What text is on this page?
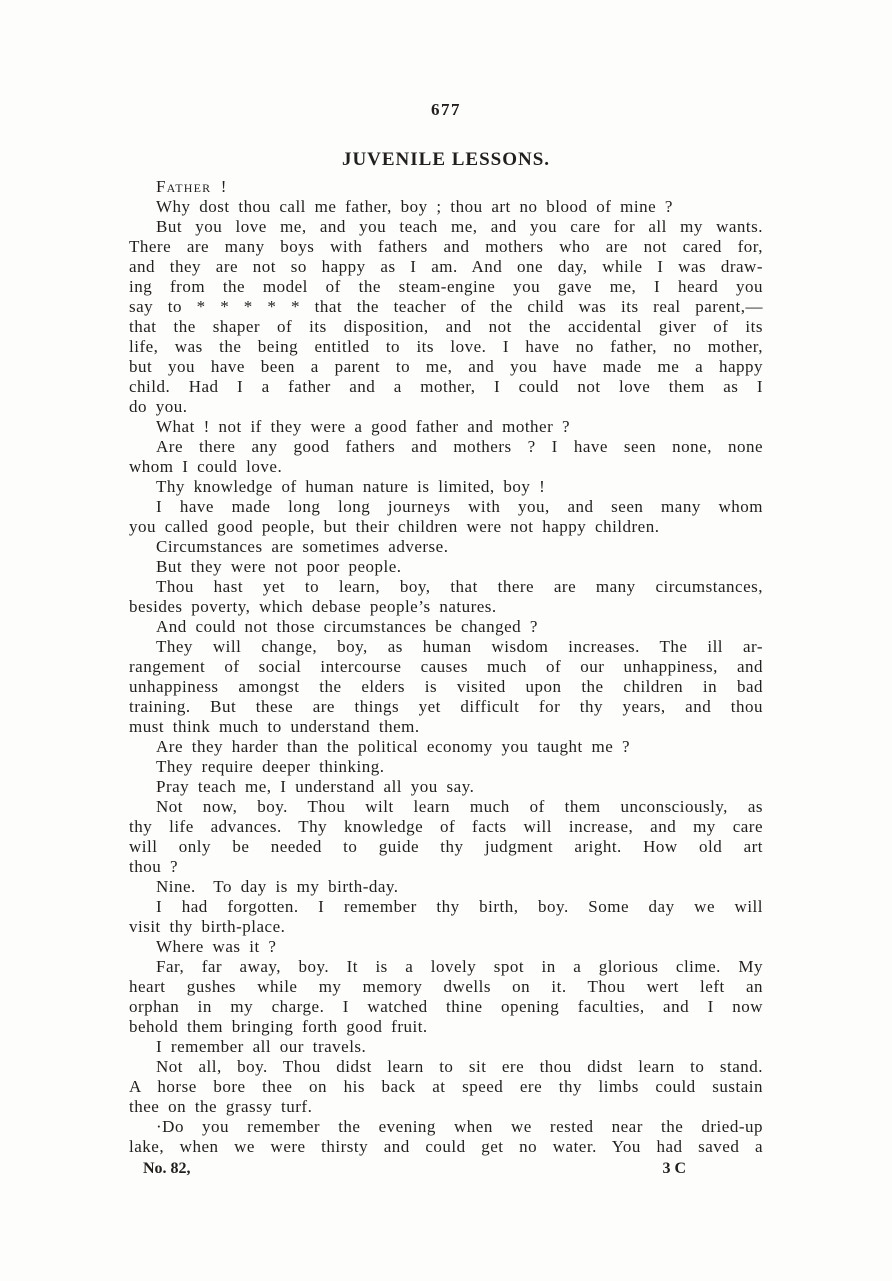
677
JUVENILE LESSONS.
Father !
Why dost thou call me father, boy ; thou art no blood of mine ?
But you love me, and you teach me, and you care for all my wants.
There are many boys with fathers and mothers who are not cared for,
and they are not so happy as I am. And one day, while I was draw-
ing from the model of the steam-engine you gave me, I heard you
say to * * * * * that the teacher of the child was its real parent,—
that the shaper of its disposition, and not the accidental giver of its
life, was the being entitled to its love. I have no father, no mother,
but you have been a parent to me, and you have made me a happy
child. Had I a father and a mother, I could not love them as I
do you.
What ! not if they were a good father and mother ?
Are there any good fathers and mothers ? I have seen none, none
whom I could love.
Thy knowledge of human nature is limited, boy !
I have made long long journeys with you, and seen many whom
you called good people, but their children were not happy children.
Circumstances are sometimes adverse.
But they were not poor people.
Thou hast yet to learn, boy, that there are many circumstances,
besides poverty, which debase people’s natures.
And could not those circumstances be changed ?
They will change, boy, as human wisdom increases. The ill ar-
rangement of social intercourse causes much of our unhappiness, and
unhappiness amongst the elders is visited upon the children in bad
training. But these are things yet difficult for thy years, and thou
must think much to understand them.
Are they harder than the political economy you taught me ?
They require deeper thinking.
Pray teach me, I understand all you say.
Not now, boy. Thou wilt learn much of them unconsciously, as
thy life advances. Thy knowledge of facts will increase, and my care
will only be needed to guide thy judgment aright. How old art
thou ?
Nine. To day is my birth-day.
I had forgotten. I remember thy birth, boy. Some day we will
visit thy birth-place.
Where was it ?
Far, far away, boy. It is a lovely spot in a glorious clime. My
heart gushes while my memory dwells on it. Thou wert left an
orphan in my charge. I watched thine opening faculties, and I now
behold them bringing forth good fruit.
I remember all our travels.
Not all, boy. Thou didst learn to sit ere thou didst learn to stand.
A horse bore thee on his back at speed ere thy limbs could sustain
thee on the grassy turf.
·Do you remember the evening when we rested near the dried-up
lake, when we were thirsty and could get no water. You had saved a
No. 82,	3 C
